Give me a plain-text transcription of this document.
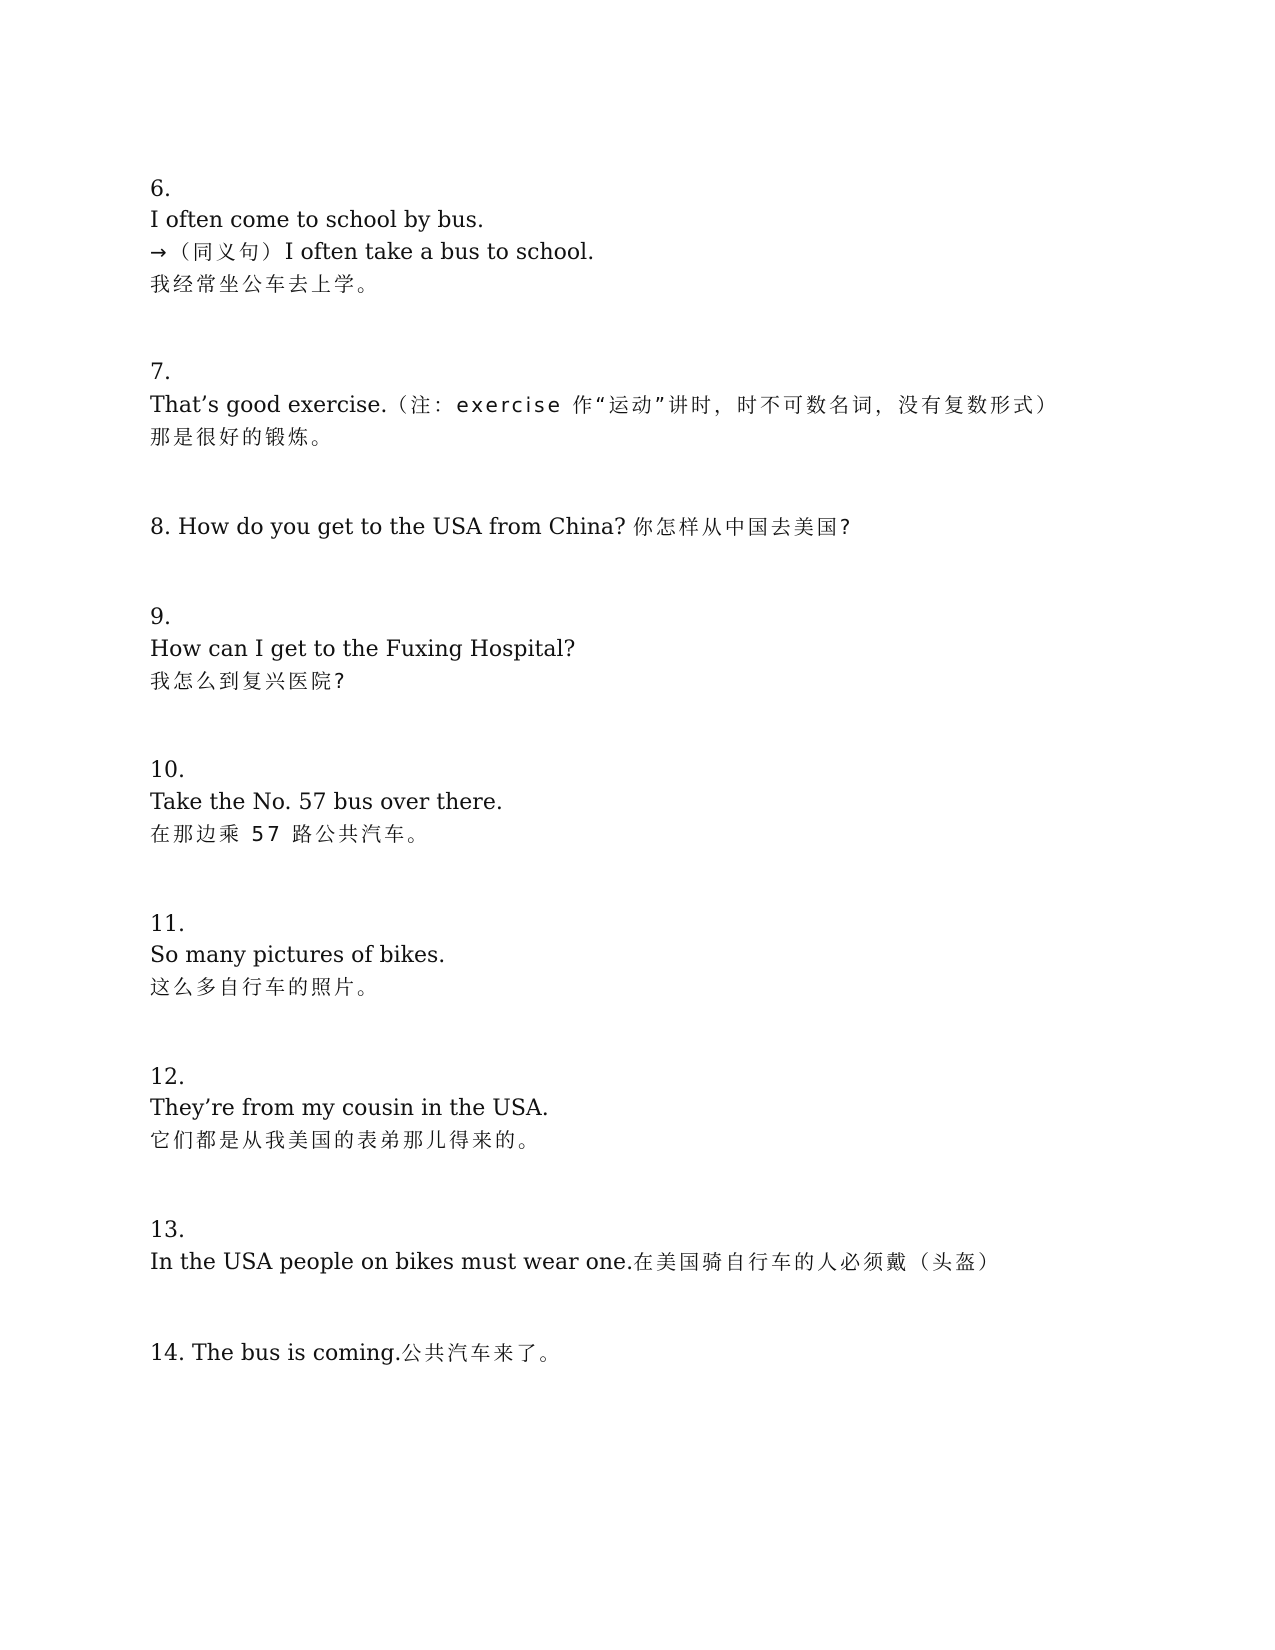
6.
I often come to school by bus.
→（同义句）I often take a bus to school.
我经常坐公车去上学。
7.
That’s good exercise.（注：exercise 作“运动”讲时，时不可数名词，没有复数形式）
那是很好的锻炼。
8. How do you get to the USA from China? 你怎样从中国去美国?
9.
How can I get to the Fuxing Hospital?
我怎么到复兴医院?
10.
Take the No. 57 bus over there.
在那边乘 57 路公共汽车。
11.
So many pictures of bikes.
这么多自行车的照片。
12.
They’re from my cousin in the USA.
它们都是从我美国的表弟那儿得来的。
13.
In the USA people on bikes must wear one.在美国骑自行车的人必须戴（头盔）
14. The bus is coming.公共汽车来了。
